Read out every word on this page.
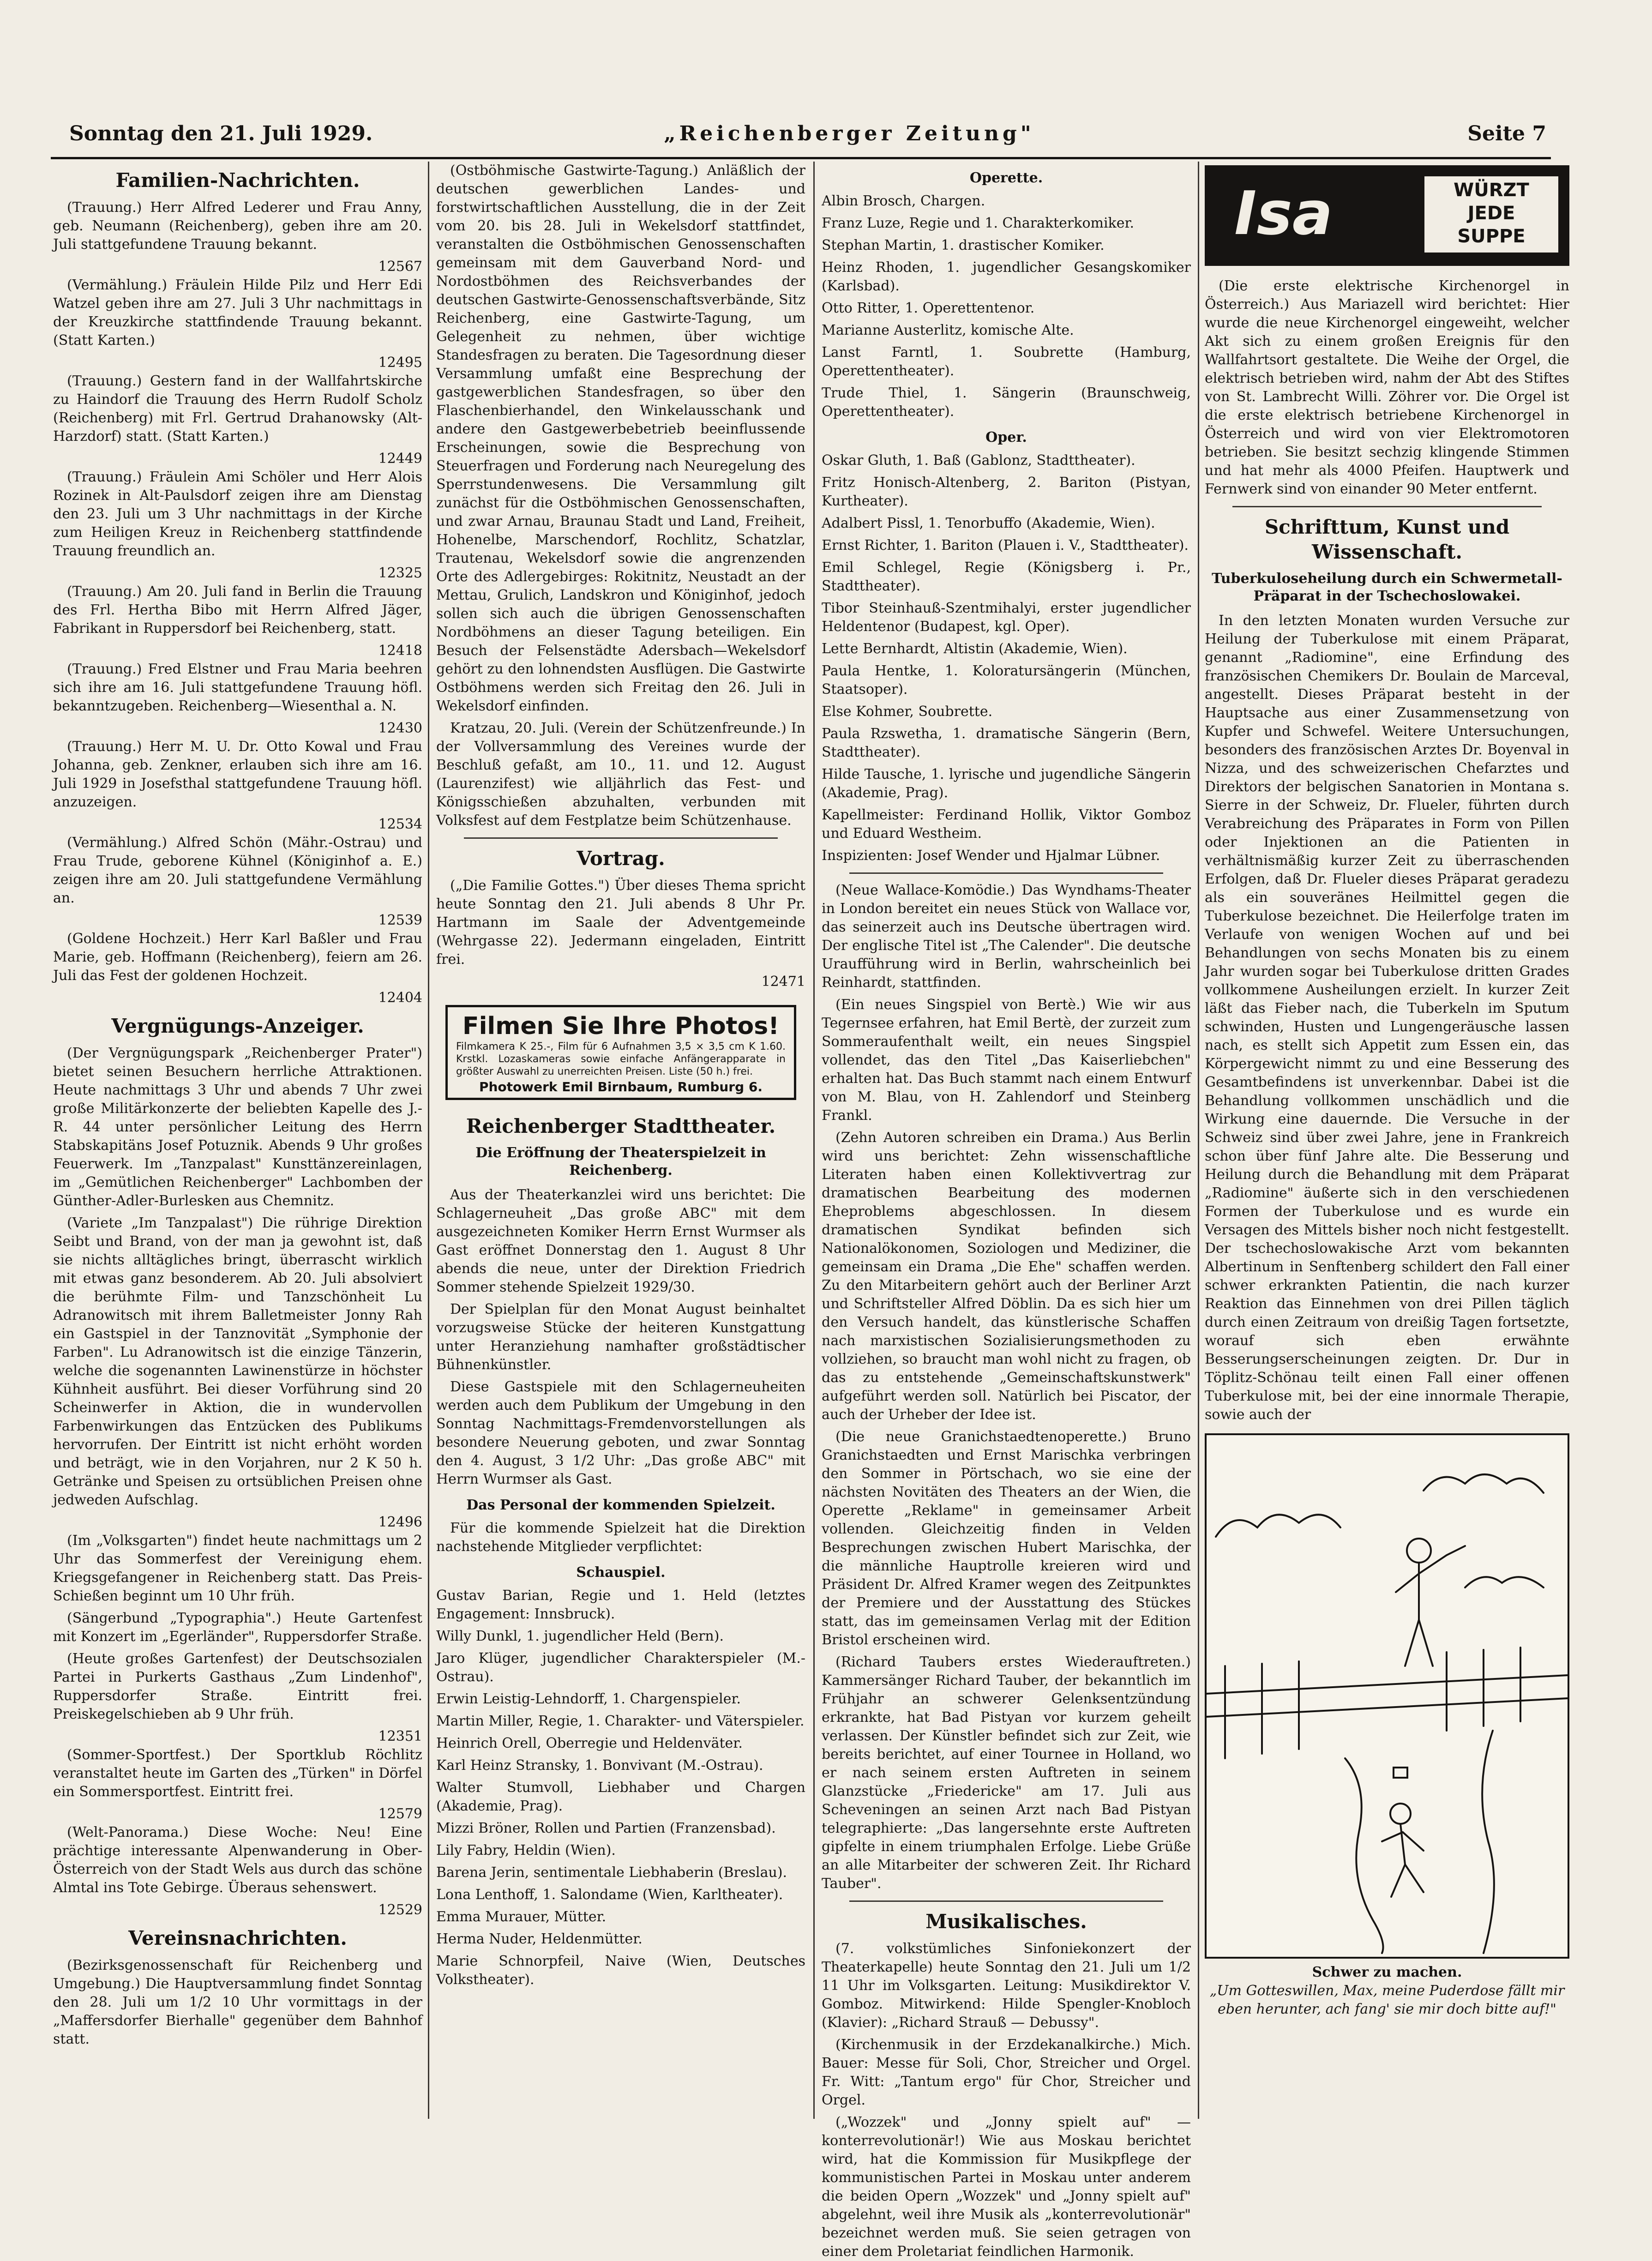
Sonntag den 21. Juli 1929.	„Reichenberger Zeitung"	Seite 7
Familien-Nachrichten.

(Trauung.) Herr Alfred Lederer und Frau Anny, geb. Neumann (Reichenberg), geben ihre am 20. Juli stattgefundene Trauung bekannt.

12567

(Vermählung.) Fräulein Hilde Pilz und Herr Edi Watzel geben ihre am 27. Juli 3 Uhr nachmittags in der Kreuzkirche stattfindende Trauung bekannt. (Statt Karten.)

12495

(Trauung.) Gestern fand in der Wallfahrtskirche zu Haindorf die Trauung des Herrn Rudolf Scholz (Reichenberg) mit Frl. Gertrud Drahanowsky (Alt-Harzdorf) statt. (Statt Karten.)

12449

(Trauung.) Fräulein Ami Schöler und Herr Alois Rozinek in Alt-Paulsdorf zeigen ihre am Dienstag den 23. Juli um 3 Uhr nachmittags in der Kirche zum Heiligen Kreuz in Reichenberg stattfindende Trauung freundlich an.

12325

(Trauung.) Am 20. Juli fand in Berlin die Trauung des Frl. Hertha Bibo mit Herrn Alfred Jäger, Fabrikant in Ruppersdorf bei Reichenberg, statt.

12418

(Trauung.) Fred Elstner und Frau Maria beehren sich ihre am 16. Juli stattgefundene Trauung höfl. bekanntzugeben. Reichenberg—Wiesenthal a. N.

12430

(Trauung.) Herr M. U. Dr. Otto Kowal und Frau Johanna, geb. Zenkner, erlauben sich ihre am 16. Juli 1929 in Josefsthal stattgefundene Trauung höfl. anzuzeigen.

12534

(Vermählung.) Alfred Schön (Mähr.-Ostrau) und Frau Trude, geborene Kühnel (Königinhof a. E.) zeigen ihre am 20. Juli stattgefundene Vermählung an.

12539

(Goldene Hochzeit.) Herr Karl Baßler und Frau Marie, geb. Hoffmann (Reichenberg), feiern am 26. Juli das Fest der goldenen Hochzeit.

12404
Vergnügungs-Anzeiger.

(Der Vergnügungspark „Reichenberger Prater") bietet seinen Besuchern herrliche Attraktionen. Heute nachmittags 3 Uhr und abends 7 Uhr zwei große Militärkonzerte der beliebten Kapelle des J.-R. 44 unter persönlicher Leitung des Herrn Stabskapitäns Josef Potuznik. Abends 9 Uhr großes Feuerwerk. Im „Tanzpalast" Kunsttänzereinlagen, im „Gemütlichen Reichenberger" Lachbomben der Günther-Adler-Burlesken aus Chemnitz.

(Variete „Im Tanzpalast") Die rührige Direktion Seibt und Brand, von der man ja gewohnt ist, daß sie nichts alltägliches bringt, überrascht wirklich mit etwas ganz besonderem. Ab 20. Juli absolviert die berühmte Film- und Tanzschönheit Lu Adranowitsch mit ihrem Balletmeister Jonny Rah ein Gastspiel in der Tanznovität „Symphonie der Farben". Lu Adranowitsch ist die einzige Tänzerin, welche die sogenannten Lawinenstürze in höchster Kühnheit ausführt. Bei dieser Vorführung sind 20 Scheinwerfer in Aktion, die in wundervollen Farbenwirkungen das Entzücken des Publikums hervorrufen. Der Eintritt ist nicht erhöht worden und beträgt, wie in den Vorjahren, nur 2 K 50 h. Getränke und Speisen zu ortsüblichen Preisen ohne jedweden Aufschlag.

12496

(Im „Volksgarten") findet heute nachmittags um 2 Uhr das Sommerfest der Vereinigung ehem. Kriegsgefangener in Reichenberg statt. Das Preis-Schießen beginnt um 10 Uhr früh.

(Sängerbund „Typographia".) Heute Gartenfest mit Konzert im „Egerländer", Ruppersdorfer Straße.

(Heute großes Gartenfest) der Deutschsozialen Partei in Purkerts Gasthaus „Zum Lindenhof", Ruppersdorfer Straße. Eintritt frei. Preiskegelschieben ab 9 Uhr früh.

12351

(Sommer-Sportfest.) Der Sportklub Röchlitz veranstaltet heute im Garten des „Türken" in Dörfel ein Sommersportfest. Eintritt frei.

12579

(Welt-Panorama.) Diese Woche: Neu! Eine prächtige interessante Alpenwanderung in Ober-Österreich von der Stadt Wels aus durch das schöne Almtal ins Tote Gebirge. Überaus sehenswert.

12529
Vereinsnachrichten.

(Bezirksgenossenschaft für Reichenberg und Umgebung.) Die Hauptversammlung findet Sonntag den 28. Juli um 1/2 10 Uhr vormittags in der „Maffersdorfer Bierhalle" gegenüber dem Bahnhof statt.

(Ostböhmische Gastwirte-Tagung.) Anläßlich der deutschen gewerblichen Landes- und forstwirtschaftlichen Ausstellung, die in der Zeit vom 20. bis 28. Juli in Wekelsdorf stattfindet, veranstalten die Ostböhmischen Genossenschaften gemeinsam mit dem Gauverband Nord- und Nordostböhmen des Reichsverbandes der deutschen Gastwirte-Genossenschaftsverbände, Sitz Reichenberg, eine Gastwirte-Tagung, um Gelegenheit zu nehmen, über wichtige Standesfragen zu beraten. Die Tagesordnung dieser Versammlung umfaßt eine Besprechung der gastgewerblichen Standesfragen, so über den Flaschenbierhandel, den Winkelausschank und andere den Gastgewerbebetrieb beeinflussende Erscheinungen, sowie die Besprechung von Steuerfragen und Forderung nach Neuregelung des Sperrstundenwesens. Die Versammlung gilt zunächst für die Ostböhmischen Genossenschaften, und zwar Arnau, Braunau Stadt und Land, Freiheit, Hohenelbe, Marschendorf, Rochlitz, Schatzlar, Trautenau, Wekelsdorf sowie die angrenzenden Orte des Adlergebirges: Rokitnitz, Neustadt an der Mettau, Grulich, Landskron und Königinhof, jedoch sollen sich auch die übrigen Genossenschaften Nordböhmens an dieser Tagung beteiligen. Ein Besuch der Felsenstädte Adersbach—Wekelsdorf gehört zu den lohnendsten Ausflügen. Die Gastwirte Ostböhmens werden sich Freitag den 26. Juli in Wekelsdorf einfinden.

Kratzau, 20. Juli. (Verein der Schützenfreunde.) In der Vollversammlung des Vereines wurde der Beschluß gefaßt, am 10., 11. und 12. August (Laurenzifest) wie alljährlich das Fest- und Königsschießen abzuhalten, verbunden mit Volksfest auf dem Festplatze beim Schützenhause.

Vortrag.

(„Die Familie Gottes.") Über dieses Thema spricht heute Sonntag den 21. Juli abends 8 Uhr Pr. Hartmann im Saale der Adventgemeinde (Wehrgasse 22). Jedermann eingeladen, Eintritt frei.

12471
Filmen Sie Ihre Photos!
Filmkamera K 25.-, Film für 6 Aufnahmen 3,5 × 3,5 cm K 1.60. Krstkl. Lozaskameras sowie einfache Anfängerapparate in größter Auswahl zu unerreichten Preisen. Liste (50 h.) frei.
Photowerk Emil Birnbaum, Rumburg 6.
Reichenberger Stadttheater.
Die Eröffnung der Theaterspielzeit in Reichenberg.

Aus der Theaterkanzlei wird uns berichtet: Die Schlagerneuheit „Das große ABC" mit dem ausgezeichneten Komiker Herrn Ernst Wurmser als Gast eröffnet Donnerstag den 1. August 8 Uhr abends die neue, unter der Direktion Friedrich Sommer stehende Spielzeit 1929/30.

Der Spielplan für den Monat August beinhaltet vorzugsweise Stücke der heiteren Kunstgattung unter Heranziehung namhafter großstädtischer Bühnenkünstler.

Diese Gastspiele mit den Schlagerneuheiten werden auch dem Publikum der Umgebung in den Sonntag Nachmittags-Fremdenvorstellungen als besondere Neuerung geboten, und zwar Sonntag den 4. August, 3 1/2 Uhr: „Das große ABC" mit Herrn Wurmser als Gast.

Das Personal der kommenden Spielzeit.

Für die kommende Spielzeit hat die Direktion nachstehende Mitglieder verpflichtet:

Schauspiel.

Gustav Barian, Regie und 1. Held (letztes Engagement: Innsbruck).

Willy Dunkl, 1. jugendlicher Held (Bern).

Jaro Klüger, jugendlicher Charakterspieler (M.-Ostrau).

Erwin Leistig-Lehndorff, 1. Chargenspieler.

Martin Miller, Regie, 1. Charakter- und Väterspieler.

Heinrich Orell, Oberregie und Heldenväter.

Karl Heinz Stransky, 1. Bonvivant (M.-Ostrau).

Walter Stumvoll, Liebhaber und Chargen (Akademie, Prag).

Mizzi Bröner, Rollen und Partien (Franzensbad).

Lily Fabry, Heldin (Wien).

Barena Jerin, sentimentale Liebhaberin (Breslau).

Lona Lenthoff, 1. Salondame (Wien, Karltheater).

Emma Murauer, Mütter.

Herma Nuder, Heldenmütter.

Marie Schnorpfeil, Naive (Wien, Deutsches Volkstheater).

Operette.

Albin Brosch, Chargen.

Franz Luze, Regie und 1. Charakterkomiker.

Stephan Martin, 1. drastischer Komiker.

Heinz Rhoden, 1. jugendlicher Gesangskomiker (Karlsbad).

Otto Ritter, 1. Operettentenor.

Marianne Austerlitz, komische Alte.

Lanst Farntl, 1. Soubrette (Hamburg, Operettentheater).

Trude Thiel, 1. Sängerin (Braunschweig, Operettentheater).

Oper.

Oskar Gluth, 1. Baß (Gablonz, Stadttheater).

Fritz Honisch-Altenberg, 2. Bariton (Pistyan, Kurtheater).

Adalbert Pissl, 1. Tenorbuffo (Akademie, Wien).

Ernst Richter, 1. Bariton (Plauen i. V., Stadttheater).

Emil Schlegel, Regie (Königsberg i. Pr., Stadttheater).

Tibor Steinhauß-Szentmihalyi, erster jugendlicher Heldentenor (Budapest, kgl. Oper).

Lette Bernhardt, Altistin (Akademie, Wien).

Paula Hentke, 1. Koloratursängerin (München, Staatsoper).

Else Kohmer, Soubrette.

Paula Rzswetha, 1. dramatische Sängerin (Bern, Stadttheater).

Hilde Tausche, 1. lyrische und jugendliche Sängerin (Akademie, Prag).

Kapellmeister: Ferdinand Hollik, Viktor Gomboz und Eduard Westheim.

Inspizienten: Josef Wender und Hjalmar Lübner.

(Neue Wallace-Komödie.) Das Wyndhams-Theater in London bereitet ein neues Stück von Wallace vor, das seinerzeit auch ins Deutsche übertragen wird. Der englische Titel ist „The Calender". Die deutsche Uraufführung wird in Berlin, wahrscheinlich bei Reinhardt, stattfinden.

(Ein neues Singspiel von Bertè.) Wie wir aus Tegernsee erfahren, hat Emil Bertè, der zurzeit zum Sommeraufenthalt weilt, ein neues Singspiel vollendet, das den Titel „Das Kaiserliebchen" erhalten hat. Das Buch stammt nach einem Entwurf von M. Blau, von H. Zahlendorf und Steinberg Frankl.

(Zehn Autoren schreiben ein Drama.) Aus Berlin wird uns berichtet: Zehn wissenschaftliche Literaten haben einen Kollektivvertrag zur dramatischen Bearbeitung des modernen Eheproblems abgeschlossen. In diesem dramatischen Syndikat befinden sich Nationalökonomen, Soziologen und Mediziner, die gemeinsam ein Drama „Die Ehe" schaffen werden. Zu den Mitarbeitern gehört auch der Berliner Arzt und Schriftsteller Alfred Döblin. Da es sich hier um den Versuch handelt, das künstlerische Schaffen nach marxistischen Sozialisierungsmethoden zu vollziehen, so braucht man wohl nicht zu fragen, ob das zu entstehende „Gemeinschaftskunstwerk" aufgeführt werden soll. Natürlich bei Piscator, der auch der Urheber der Idee ist.

(Die neue Granichstaedtenoperette.) Bruno Granichstaedten und Ernst Marischka verbringen den Sommer in Pörtschach, wo sie eine der nächsten Novitäten des Theaters an der Wien, die Operette „Reklame" in gemeinsamer Arbeit vollenden. Gleichzeitig finden in Velden Besprechungen zwischen Hubert Marischka, der die männliche Hauptrolle kreieren wird und Präsident Dr. Alfred Kramer wegen des Zeitpunktes der Premiere und der Ausstattung des Stückes statt, das im gemeinsamen Verlag mit der Edition Bristol erscheinen wird.

(Richard Taubers erstes Wiederauftreten.) Kammersänger Richard Tauber, der bekanntlich im Frühjahr an schwerer Gelenksentzündung erkrankte, hat Bad Pistyan vor kurzem geheilt verlassen. Der Künstler befindet sich zur Zeit, wie bereits berichtet, auf einer Tournee in Holland, wo er nach seinem ersten Auftreten in seinem Glanzstücke „Friedericke" am 17. Juli aus Scheveningen an seinen Arzt nach Bad Pistyan telegraphierte: „Das langersehnte erste Auftreten gipfelte in einem triumphalen Erfolge. Liebe Grüße an alle Mitarbeiter der schweren Zeit. Ihr Richard Tauber".

Musikalisches.

(7. volkstümliches Sinfoniekonzert der Theaterkapelle) heute Sonntag den 21. Juli um 1/2 11 Uhr im Volksgarten. Leitung: Musikdirektor V. Gomboz. Mitwirkend: Hilde Spengler-Knobloch (Klavier): „Richard Strauß — Debussy".

(Kirchenmusik in der Erzdekanalkirche.) Mich. Bauer: Messe für Soli, Chor, Streicher und Orgel. Fr. Witt: „Tantum ergo" für Chor, Streicher und Orgel.

(„Wozzek" und „Jonny spielt auf" — konterrevolutionär!) Wie aus Moskau berichtet wird, hat die Kommission für Musikpflege der kommunistischen Partei in Moskau unter anderem die beiden Opern „Wozzek" und „Jonny spielt auf" abgelehnt, weil ihre Musik als „konterrevolutionär" bezeichnet werden muß. Sie seien getragen von einer dem Proletariat feindlichen Harmonik.

Isa	WÜRZT
JEDE
SUPPE

(Die erste elektrische Kirchenorgel in Österreich.) Aus Mariazell wird berichtet: Hier wurde die neue Kirchenorgel eingeweiht, welcher Akt sich zu einem großen Ereignis für den Wallfahrtsort gestaltete. Die Weihe der Orgel, die elektrisch betrieben wird, nahm der Abt des Stiftes von St. Lambrecht Willi. Zöhrer vor. Die Orgel ist die erste elektrisch betriebene Kirchenorgel in Österreich und wird von vier Elektromotoren betrieben. Sie besitzt sechzig klingende Stimmen und hat mehr als 4000 Pfeifen. Hauptwerk und Fernwerk sind von einander 90 Meter entfernt.

Schrifttum, Kunst und Wissenschaft.
Tuberkuloseheilung durch ein Schwermetall-Präparat in der Tschechoslowakei.

In den letzten Monaten wurden Versuche zur Heilung der Tuberkulose mit einem Präparat, genannt „Radiomine", eine Erfindung des französischen Chemikers Dr. Boulain de Marceval, angestellt. Dieses Präparat besteht in der Hauptsache aus einer Zusammensetzung von Kupfer und Schwefel. Weitere Untersuchungen, besonders des französischen Arztes Dr. Boyenval in Nizza, und des schweizerischen Chefarztes und Direktors der belgischen Sanatorien in Montana s. Sierre in der Schweiz, Dr. Flueler, führten durch Verabreichung des Präparates in Form von Pillen oder Injektionen an die Patienten in verhältnismäßig kurzer Zeit zu überraschenden Erfolgen, daß Dr. Flueler dieses Präparat geradezu als ein souveränes Heilmittel gegen die Tuberkulose bezeichnet. Die Heilerfolge traten im Verlaufe von wenigen Wochen auf und bei Behandlungen von sechs Monaten bis zu einem Jahr wurden sogar bei Tuberkulose dritten Grades vollkommene Ausheilungen erzielt. In kurzer Zeit läßt das Fieber nach, die Tuberkeln im Sputum schwinden, Husten und Lungengeräusche lassen nach, es stellt sich Appetit zum Essen ein, das Körpergewicht nimmt zu und eine Besserung des Gesamtbefindens ist unverkennbar. Dabei ist die Behandlung vollkommen unschädlich und die Wirkung eine dauernde. Die Versuche in der Schweiz sind über zwei Jahre, jene in Frankreich schon über fünf Jahre alte. Die Besserung und Heilung durch die Behandlung mit dem Präparat „Radiomine" äußerte sich in den verschiedenen Formen der Tuberkulose und es wurde ein Versagen des Mittels bisher noch nicht festgestellt. Der tschechoslowakische Arzt vom bekannten Albertinum in Senftenberg schildert den Fall einer schwer erkrankten Patientin, die nach kurzer Reaktion das Einnehmen von drei Pillen täglich durch einen Zeitraum von dreißig Tagen fortsetzte, worauf sich eben erwähnte Besserungserscheinungen zeigten. Dr. Dur in Töplitz-Schönau teilt einen Fall einer offenen Tuberkulose mit, bei der eine innormale Therapie, sowie auch der

Schwer zu machen.
„Um Gotteswillen, Max, meine Puderdose fällt mir eben herunter, ach fang' sie mir doch bitte auf!"
